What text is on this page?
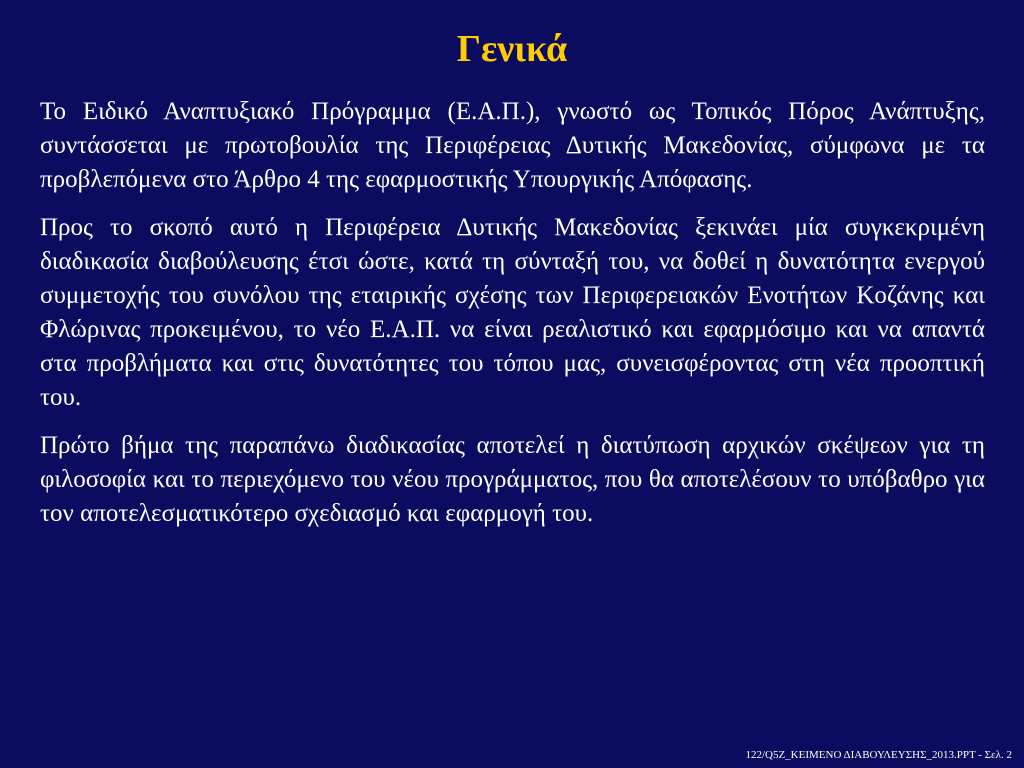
Γενικά

Το Ειδικό Αναπτυξιακό Πρόγραμμα (Ε.Α.Π.), γνωστό ως Τοπικός Πόρος Ανάπτυξης, συντάσσεται με πρωτοβουλία της Περιφέρειας Δυτικής Μακεδονίας, σύμφωνα με τα προβλεπόμενα στο Άρθρο 4 της εφαρμοστικής Υπουργικής Απόφασης.

Προς το σκοπό αυτό η Περιφέρεια Δυτικής Μακεδονίας ξεκινάει μία συγκεκριμένη διαδικασία διαβούλευσης έτσι ώστε, κατά τη σύνταξή του, να δοθεί η δυνατότητα ενεργού συμμετοχής του συνόλου της εταιρικής σχέσης των Περιφερειακών Ενοτήτων Κοζάνης και Φλώρινας προκειμένου, το νέο Ε.Α.Π. να είναι ρεαλιστικό και εφαρμόσιμο και να απαντά στα προβλήματα και στις δυνατότητες του τόπου μας, συνεισφέροντας στη νέα προοπτική του.

Πρώτο βήμα της παραπάνω διαδικασίας αποτελεί η διατύπωση αρχικών σκέψεων για τη φιλοσοφία και το περιεχόμενο του νέου προγράμματος, που θα αποτελέσουν το υπόβαθρο για τον αποτελεσματικότερο σχεδιασμό και εφαρμογή του.

122/Q5Z_ΚΕΙΜΕΝΟ ΔΙΑΒΟΥΛΕΥΣΗΣ_2013.PPT - Σελ. 2
